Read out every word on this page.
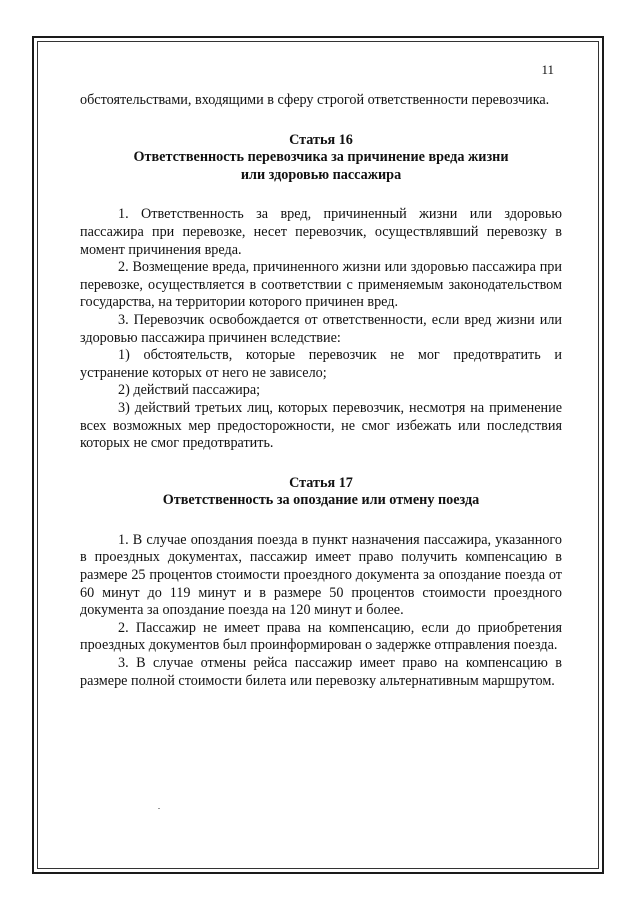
11

обстоятельствами, входящими в сферу строгой ответственности перевозчика.

Статья 16

Ответственность перевозчика за причинение вреда жизни

или здоровью пассажира

1. Ответственность за вред, причиненный жизни или здоровью пассажира при перевозке, несет перевозчик, осуществлявший перевозку в момент причинения вреда.

2. Возмещение вреда, причиненного жизни или здоровью пассажира при перевозке, осуществляется в соответствии с применяемым законодательством государства, на территории которого причинен вред.

3. Перевозчик освобождается от ответственности, если вред жизни или здоровью пассажира причинен вследствие:

1) обстоятельств, которые перевозчик не мог предотвратить и устранение которых от него не зависело;

2) действий пассажира;

3) действий третьих лиц, которых перевозчик, несмотря на применение всех возможных мер предосторожности, не смог избежать или последствия которых не смог предотвратить.

Статья 17

Ответственность за опоздание или отмену поезда

1. В случае опоздания поезда в пункт назначения пассажира, указанного в проездных документах, пассажир имеет право получить компенсацию в размере 25 процентов стоимости проездного документа за опоздание поезда от 60 минут до 119 минут и в размере 50 процентов стоимости проездного документа за опоздание поезда на 120 минут и более.

2. Пассажир не имеет права на компенсацию, если до приобретения проездных документов был проинформирован о задержке отправления поезда.

3. В случае отмены рейса пассажир имеет право на компенсацию в размере полной стоимости билета или перевозку альтернативным маршрутом.
